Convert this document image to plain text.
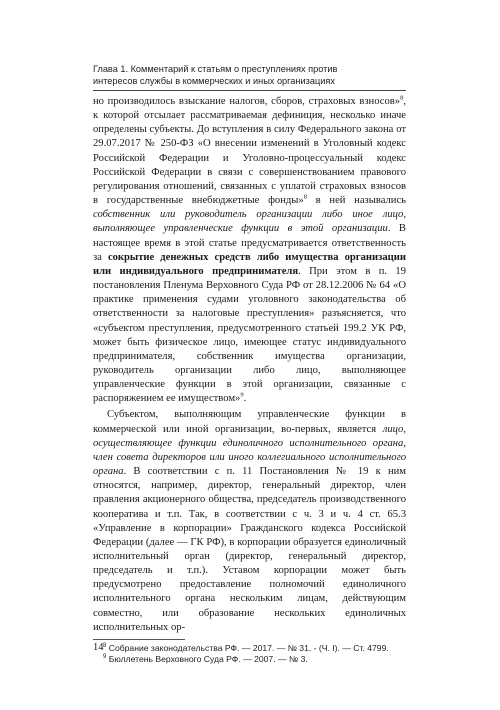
Глава 1. Комментарий к статьям о преступлениях против
интересов службы в коммерческих и иных организациях

но производилось взыскание налогов, сборов, страховых взносов»$^8$, к которой отсылает рассматриваемая дефиниция, несколько иначе определены субъекты. До вступления в силу Федерального закона от 29.07.2017 № 250-ФЗ «О внесении изменений в Уголовный кодекс Российской Федерации и Уголовно-процессуальный кодекс Российской Федерации в связи с совершенствованием правового регулирования отношений, связанных с уплатой страховых взносов в государственные внебюджетные фонды»$^8$ в ней назывались собственник или руководитель организации либо иное лицо, выполняющее управленческие функции в этой организации. В настоящее время в этой статье предусматривается ответственность за сокрытие денежных средств либо имущества организации или индивидуального предпринимателя. При этом в п. 19 постановления Пленума Верховного Суда РФ от 28.12.2006 № 64 «О практике применения судами уголовного законодательства об ответственности за налоговые преступления» разъясняется, что «субъектом преступления, предусмотренного статьей 199.2 УК РФ, может быть физическое лицо, имеющее статус индивидуального предпринимателя, собственник имущества организации, руководитель организации либо лицо, выполняющее управленческие функции в этой организации, связанные с распоряжением ее имуществом»$^9$.

Субъектом, выполняющим управленческие функции в коммерческой или иной организации, во-первых, является лицо, осуществляющее функции единоличного исполнительного органа, член совета директоров или иного коллегиального исполнительного органа. В соответствии с п. 11 Постановления № 19 к ним относятся, например, директор, генеральный директор, член правления акционерного общества, председатель производственного кооператива и т.п. Так, в соответствии с ч. 3 и ч. 4 ст. 65.3 «Управление в корпорации» Гражданского кодекса Российской Федерации (далее — ГК РФ), в корпорации образуется единоличный исполнительный орган (директор, генеральный директор, председатель и т.п.). Уставом корпорации может быть предусмотрено предоставление полномочий единоличного исполнительного органа нескольким лицам, действующим совместно, или образование нескольких единоличных исполнительных ор-

$^8$ Собрание законодательства РФ. — 2017. — № 31. - (Ч. I). — Ст. 4799.
$^9$ Бюллетень Верховного Суда РФ. — 2007. — № 3.
14
